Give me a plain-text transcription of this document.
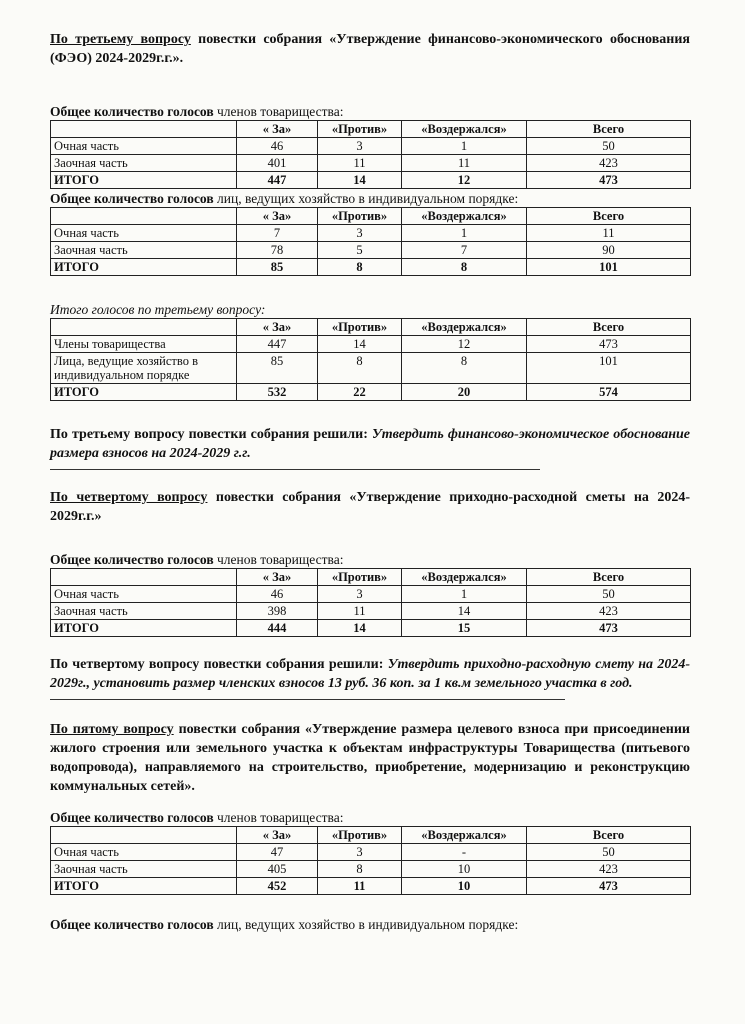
По третьему вопросу повестки собрания «Утверждение финансово-экономического обоснования (ФЭО) 2024-2029г.г.».

Общее количество голосов членов товарищества:

	« За»	«Против»	«Воздержался»	Всего
Очная часть	46	3	1	50
Заочная часть	401	11	11	423
ИТОГО	447	14	12	473

Общее количество голосов лиц, ведущих хозяйство в индивидуальном порядке:

	« За»	«Против»	«Воздержался»	Всего
Очная часть	7	3	1	11
Заочная часть	78	5	7	90
ИТОГО	85	8	8	101

Итого голосов по третьему вопросу:

	« За»	«Против»	«Воздержался»	Всего
Члены товарищества	447	14	12	473
Лица, ведущие хозяйство в индивидуальном порядке	85	8	8	101
ИТОГО	532	22	20	574

По третьему вопросу повестки собрания решили: Утвердить финансово-экономическое обоснование размера взносов на 2024-2029 г.г.

По четвертому вопросу повестки собрания «Утверждение приходно-расходной сметы на 2024-2029г.г.»

Общее количество голосов членов товарищества:

	« За»	«Против»	«Воздержался»	Всего
Очная часть	46	3	1	50
Заочная часть	398	11	14	423
ИТОГО	444	14	15	473

По четвертому вопросу повестки собрания решили: Утвердить приходно-расходную смету на 2024-2029г., установить размер членских взносов 13 руб. 36 коп. за 1 кв.м земельного участка в год.

По пятому вопросу повестки собрания «Утверждение размера целевого взноса при присоединении жилого строения или земельного участка к объектам инфраструктуры Товарищества (питьевого водопровода), направляемого на строительство, приобретение, модернизацию и реконструкцию коммунальных сетей».

Общее количество голосов членов товарищества:

	« За»	«Против»	«Воздержался»	Всего
Очная часть	47	3	-	50
Заочная часть	405	8	10	423
ИТОГО	452	11	10	473

Общее количество голосов лиц, ведущих хозяйство в индивидуальном порядке:
